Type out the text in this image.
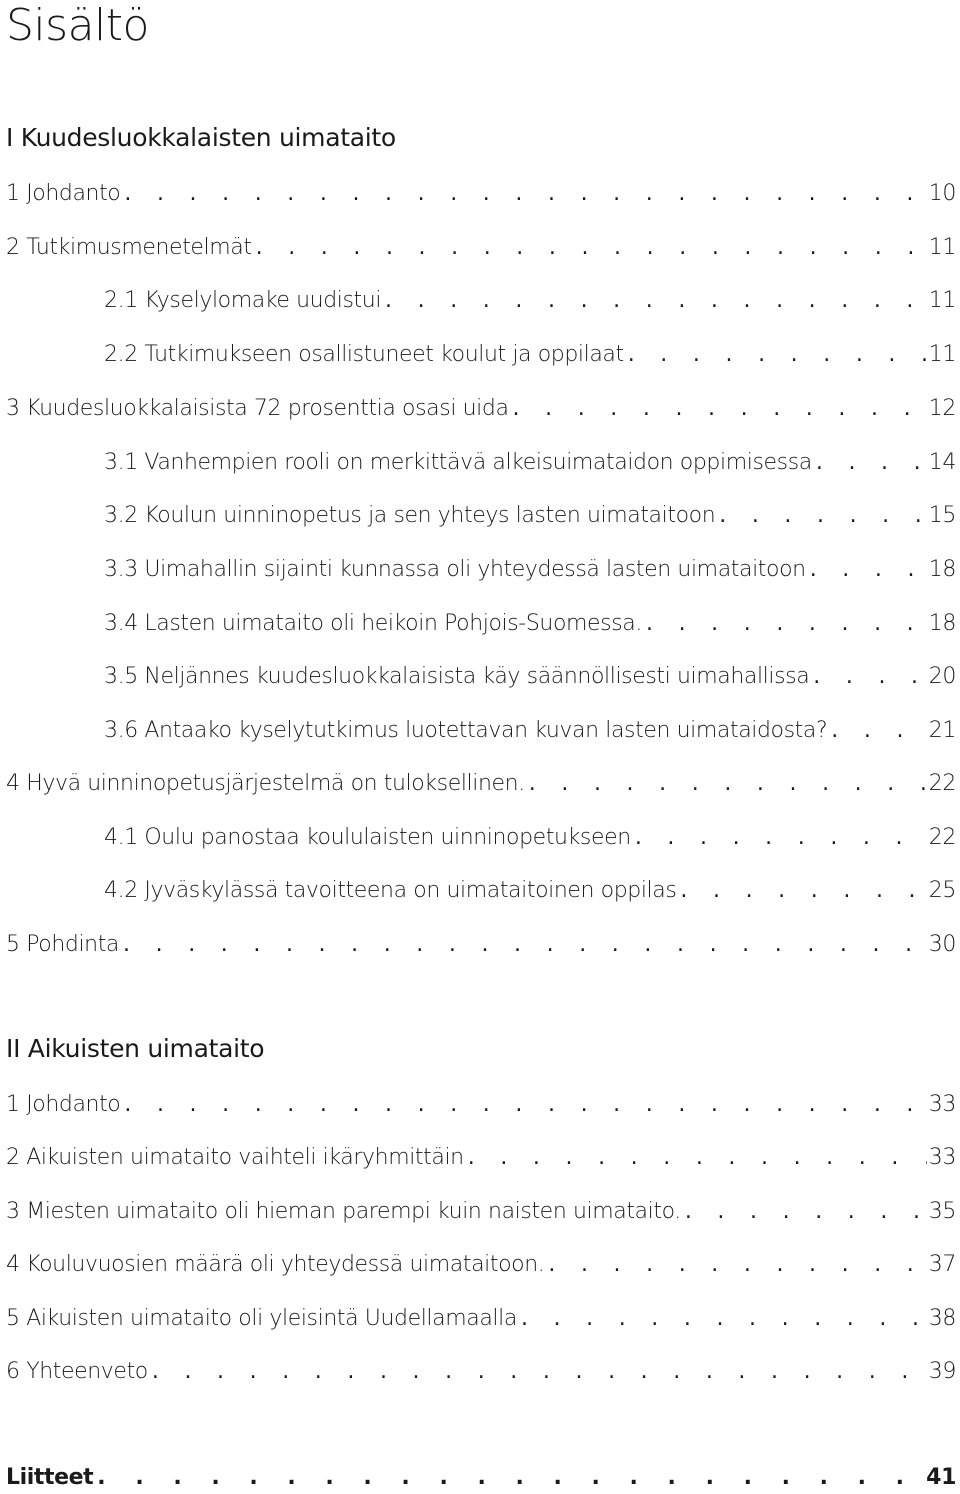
Sisältö
I Kuudesluokkalaisten uimataito
1 Johdanto . . .	10
2 Tutkimusmenetelmät . . .	11
2.1 Kyselylomake uudistui . . .	11
2.2 Tutkimukseen osallistuneet koulut ja oppilaat . . .	11
3 Kuudesluokkalaisista 72 prosenttia osasi uida . . .	12
3.1 Vanhempien rooli on merkittävä alkeisuimataidon oppimisessa . . .	14
3.2 Koulun uinninopetus ja sen yhteys lasten uimataitoon . . .	15
3.3 Uimahallin sijainti kunnassa oli yhteydessä lasten uimataitoon . . .	18
3.4 Lasten uimataito oli heikoin Pohjois-Suomessa. . . .	18
3.5 Neljännes kuudesluokkalaisista käy säännöllisesti uimahallissa . . .	20
3.6 Antaako kyselytutkimus luotettavan kuvan lasten uimataidosta? . . .	21
4 Hyvä uinninopetusjärjestelmä on tuloksellinen. . . .	22
4.1 Oulu panostaa koululaisten uinninopetukseen . . .	22
4.2 Jyväskylässä tavoitteena on uimataitoinen oppilas . . .	25
5 Pohdinta . . .	30
II Aikuisten uimataito
1 Johdanto . . .	33
2 Aikuisten uimataito vaihteli ikäryhmittäin . . .	33
3 Miesten uimataito oli hieman parempi kuin naisten uimataito. . . .	35
4 Kouluvuosien määrä oli yhteydessä uimataitoon. . . .	37
5 Aikuisten uimataito oli yleisintä Uudellamaalla . . .	38
6 Yhteenveto . . .	39
Liitteet . . .	41
